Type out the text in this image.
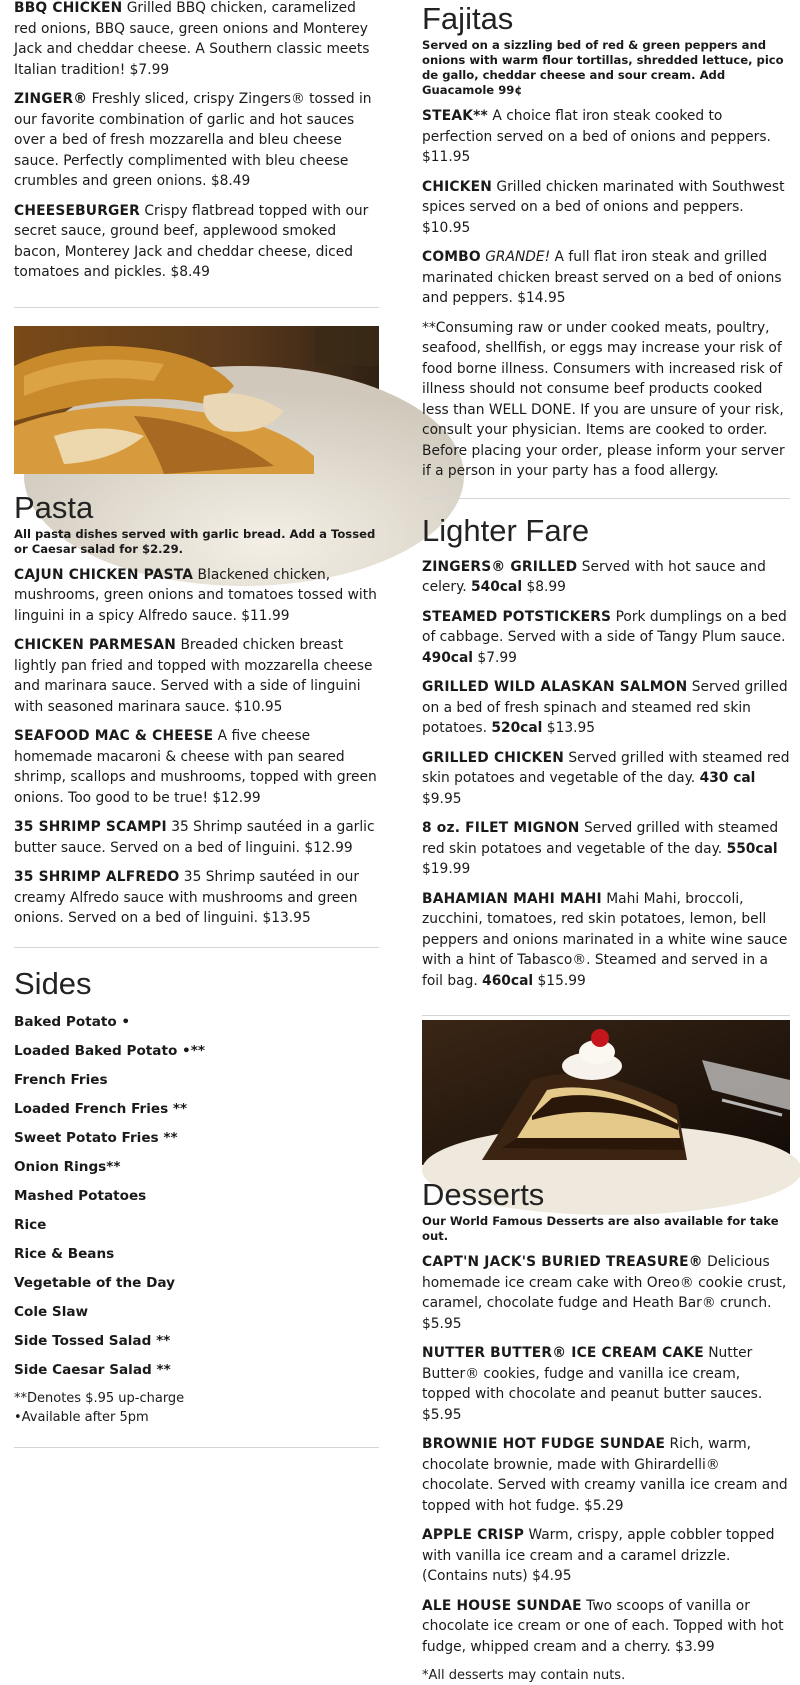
BBQ CHICKEN Grilled BBQ chicken, caramelized red onions, BBQ sauce, green onions and Monterey Jack and cheddar cheese. A Southern classic meets Italian tradition! $7.99

ZINGER® Freshly sliced, crispy Zingers® tossed in our favorite combination of garlic and hot sauces over a bed of fresh mozzarella and bleu cheese sauce. Perfectly complimented with bleu cheese crumbles and green onions. $8.49

CHEESEBURGER Crispy flatbread topped with our secret sauce, ground beef, applewood smoked bacon, Monterey Jack and cheddar cheese, diced tomatoes and pickles. $8.49

Pasta

All pasta dishes served with garlic bread. Add a Tossed or Caesar salad for $2.29.

CAJUN CHICKEN PASTA Blackened chicken, mushrooms, green onions and tomatoes tossed with linguini in a spicy Alfredo sauce. $11.99

CHICKEN PARMESAN Breaded chicken breast lightly pan fried and topped with mozzarella cheese and marinara sauce. Served with a side of linguini with seasoned marinara sauce. $10.95

SEAFOOD MAC & CHEESE A five cheese homemade macaroni & cheese with pan seared shrimp, scallops and mushrooms, topped with green onions. Too good to be true! $12.99

35 SHRIMP SCAMPI 35 Shrimp sautéed in a garlic butter sauce. Served on a bed of linguini. $12.99

35 SHRIMP ALFREDO 35 Shrimp sautéed in our creamy Alfredo sauce with mushrooms and green onions. Served on a bed of linguini. $13.95

Sides
Baked Potato •
Loaded Baked Potato •**
French Fries
Loaded French Fries **
Sweet Potato Fries **
Onion Rings**
Mashed Potatoes
Rice
Rice & Beans
Vegetable of the Day
Cole Slaw
Side Tossed Salad **
Side Caesar Salad **

**Denotes $.95 up-charge

•Available after 5pm

Fajitas

Served on a sizzling bed of red & green peppers and onions with warm flour tortillas, shredded lettuce, pico de gallo, cheddar cheese and sour cream. Add Guacamole 99¢

STEAK** A choice flat iron steak cooked to perfection served on a bed of onions and peppers. $11.95

CHICKEN Grilled chicken marinated with Southwest spices served on a bed of onions and peppers. $10.95

COMBO GRANDE! A full flat iron steak and grilled marinated chicken breast served on a bed of onions and peppers. $14.95

**Consuming raw or under cooked meats, poultry, seafood, shellfish, or eggs may increase your risk of food borne illness. Consumers with increased risk of illness should not consume beef products cooked less than WELL DONE. If you are unsure of your risk, consult your physician. Items are cooked to order. Before placing your order, please inform your server if a person in your party has a food allergy.

Lighter Fare

ZINGERS® GRILLED Served with hot sauce and celery. 540cal $8.99

STEAMED POTSTICKERS Pork dumplings on a bed of cabbage. Served with a side of Tangy Plum sauce. 490cal $7.99

GRILLED WILD ALASKAN SALMON Served grilled on a bed of fresh spinach and steamed red skin potatoes. 520cal $13.95

GRILLED CHICKEN Served grilled with steamed red skin potatoes and vegetable of the day. 430 cal $9.95

8 oz. FILET MIGNON Served grilled with steamed red skin potatoes and vegetable of the day. 550cal $19.99

BAHAMIAN MAHI MAHI Mahi Mahi, broccoli, zucchini, tomatoes, red skin potatoes, lemon, bell peppers and onions marinated in a white wine sauce with a hint of Tabasco®. Steamed and served in a foil bag. 460cal $15.99

Desserts

Our World Famous Desserts are also available for take out.

CAPT'N JACK'S BURIED TREASURE® Delicious homemade ice cream cake with Oreo® cookie crust, caramel, chocolate fudge and Heath Bar® crunch. $5.95

NUTTER BUTTER® ICE CREAM CAKE Nutter Butter® cookies, fudge and vanilla ice cream, topped with chocolate and peanut butter sauces. $5.95

BROWNIE HOT FUDGE SUNDAE Rich, warm, chocolate brownie, made with Ghirardelli® chocolate. Served with creamy vanilla ice cream and topped with hot fudge. $5.29

APPLE CRISP Warm, crispy, apple cobbler topped with vanilla ice cream and a caramel drizzle. (Contains nuts) $4.95

ALE HOUSE SUNDAE Two scoops of vanilla or chocolate ice cream or one of each. Topped with hot fudge, whipped cream and a cherry. $3.99

*All desserts may contain nuts.
